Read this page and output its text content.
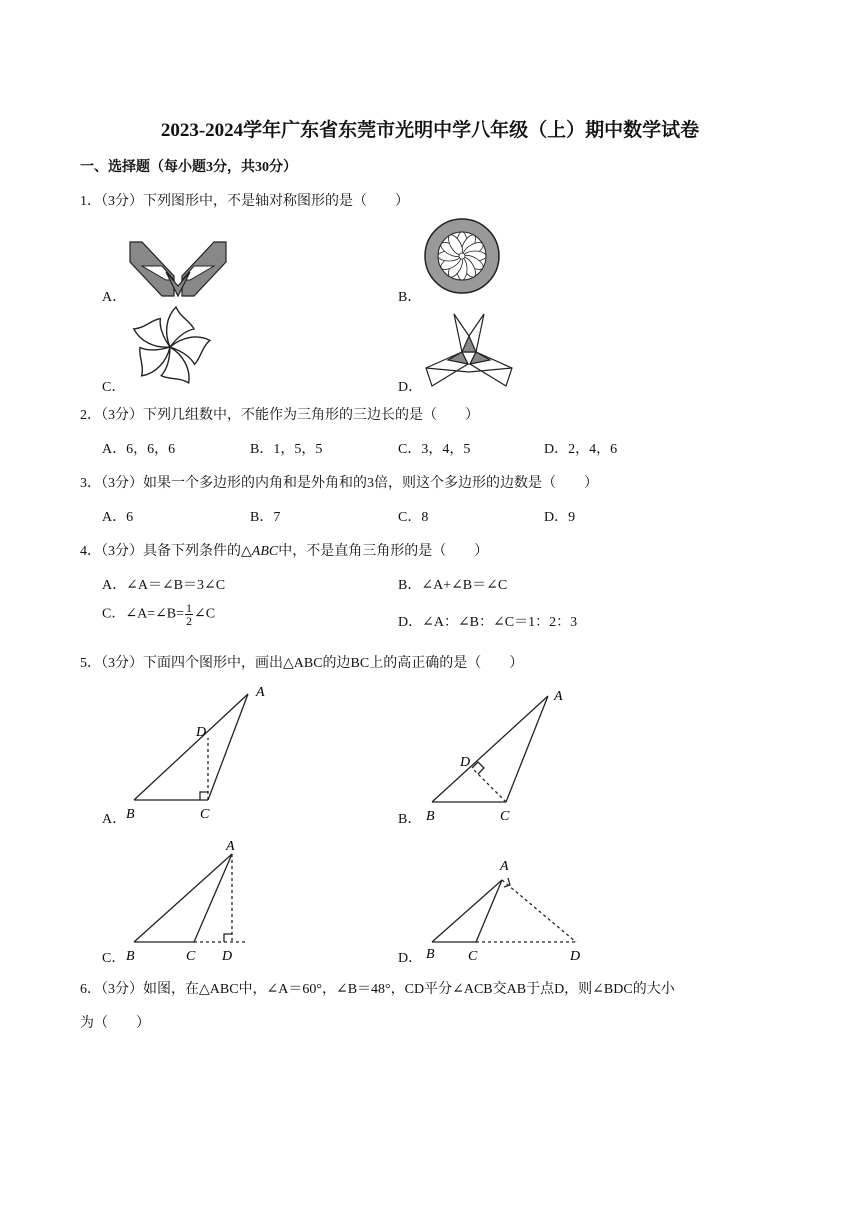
2023-2024学年广东省东莞市光明中学八年级（上）期中数学试卷
一、选择题（每小题3分，共30分）
1．（3分）下列图形中，不是轴对称图形的是（　　）
A．	B．
C．	D．
2．（3分）下列几组数中，不能作为三角形的三边长的是（　　）
A．6，6，6	B．1，5，5	C．3，4，5	D．2，4，6
3．（3分）如果一个多边形的内角和是外角和的3倍，则这个多边形的边数是（　　）
A．6	B．7	C．8	D．9
4．（3分）具备下列条件的△ABC中，不是直角三角形的是（　　）
A．∠A＝∠B＝3∠C	B．∠A+∠B＝∠C
C．∠A=∠B= $\frac{1}{2}$ ∠C
D．∠A：∠B：∠C＝1：2：3
5．（3分）下面四个图形中，画出△ABC的边BC上的高正确的是（　　）
A．	B．
C．	D．
A
D
B	C
A
D
B	C
A
B	C D
A
B C	D
6．（3分）如图，在△ABC中，∠A＝60°，∠B＝48°，CD平分∠ACB交AB于点D，则∠BDC的大小
为（　　）
